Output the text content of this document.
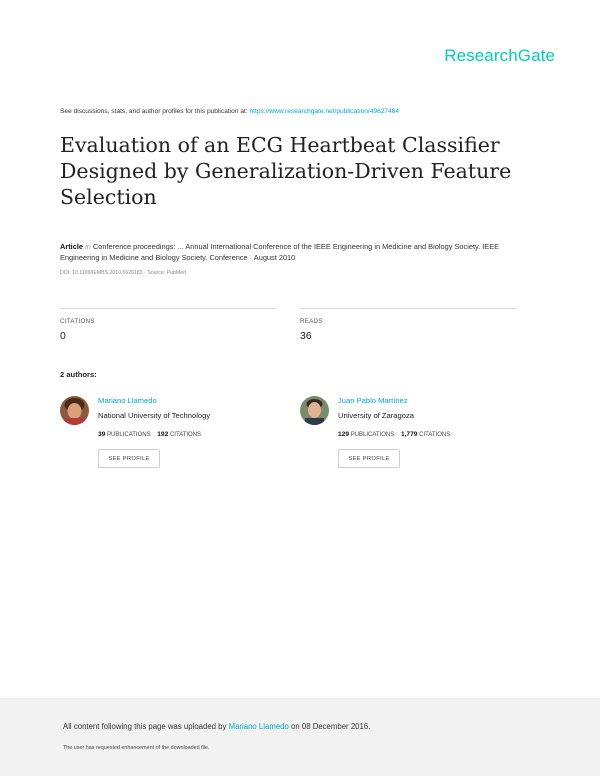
ResearchGate
See discussions, stats, and author profiles for this publication at: https://www.researchgate.net/publication/49627464
Evaluation of an ECG Heartbeat Classifier Designed by Generalization-Driven Feature Selection
Article in Conference proceedings: ... Annual International Conference of the IEEE Engineering in Medicine and Biology Society. IEEE Engineering in Medicine and Biology Society. Conference · August 2010
DOI: 10.1109/IEMBS.2010.5626183 · Source: PubMed
CITATIONS
0
READS
36
2 authors:
Mariano Llamedo
National University of Technology
39 PUBLICATIONS 192 CITATIONS
SEE PROFILE
Juan Pablo Martínez
University of Zaragoza
129 PUBLICATIONS 1,779 CITATIONS
SEE PROFILE
All content following this page was uploaded by Mariano Llamedo on 08 December 2016.
The user has requested enhancement of the downloaded file.
